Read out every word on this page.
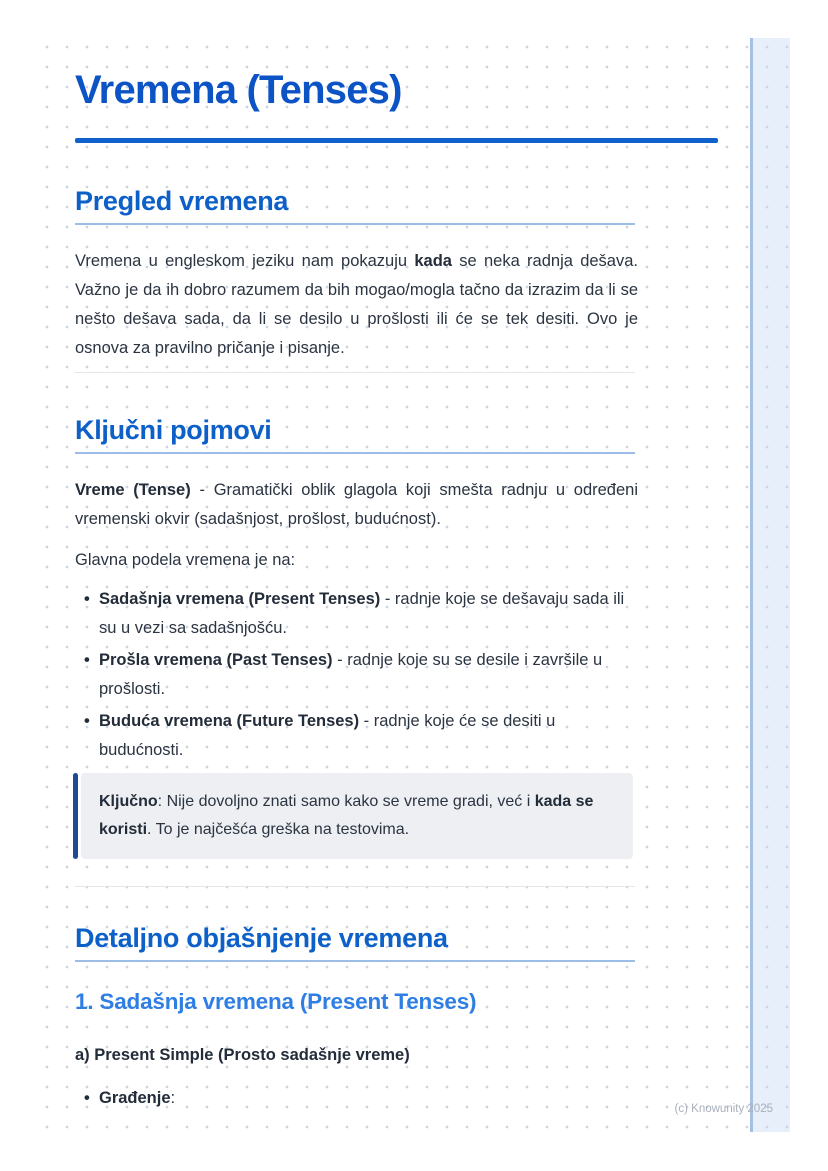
Vremena (Tenses)
Pregled vremena

Vremena u engleskom jeziku nam pokazuju kada se neka radnja dešava. Važno je da ih dobro razumem da bih mogao/mogla tačno da izrazim da li se nešto dešava sada, da li se desilo u prošlosti ili će se tek desiti. Ovo je osnova za pravilno pričanje i pisanje.

Ključni pojmovi

Vreme (Tense) - Gramatički oblik glagola koji smešta radnju u određeni vremenski okvir (sadašnjost, prošlost, budućnost).

Glavna podela vremena je na:

• Sadašnja vremena (Present Tenses) - radnje koje se dešavaju sada ili su u vezi sa sadašnjošću.
• Prošla vremena (Past Tenses) - radnje koje su se desile i završile u prošlosti.
• Buduća vremena (Future Tenses) - radnje koje će se desiti u budućnosti.

Ključno: Nije dovoljno znati samo kako se vreme gradi, već i kada se koristi. To je najčešća greška na testovima.

Detaljno objašnjenje vremena
1. Sadašnja vremena (Present Tenses)
a) Present Simple (Prosto sadašnje vreme)
• Građenje:
(c) Knowunity 2025
